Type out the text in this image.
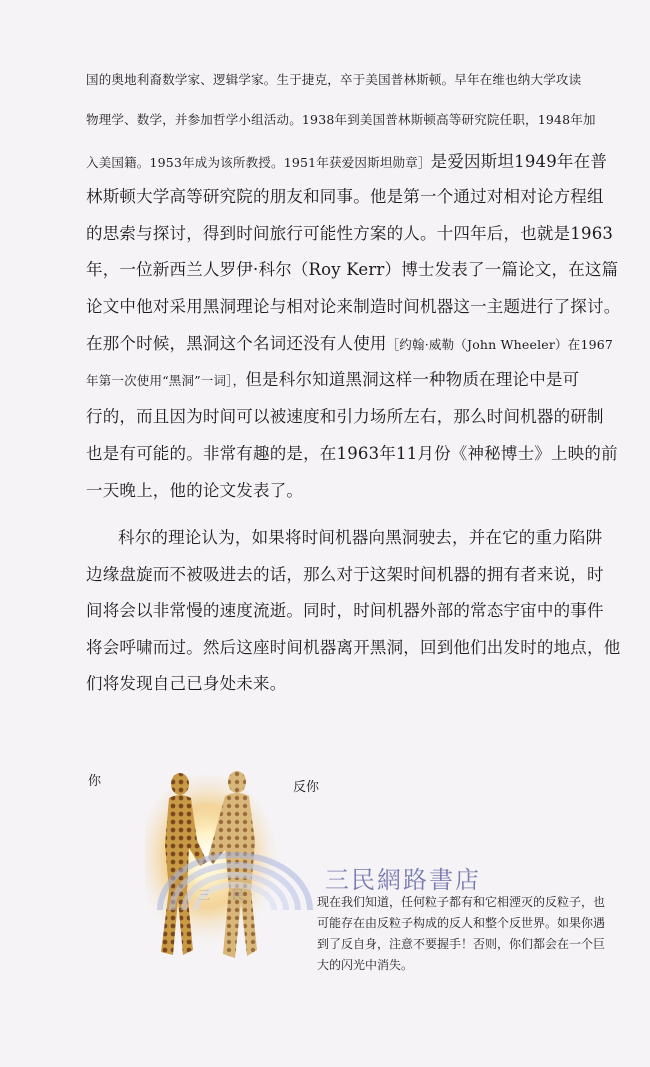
国的奥地利裔数学家、逻辑学家。生于捷克，卒于美国普林斯顿。早年在维也纳大学攻读
物理学、数学，并参加哲学小组活动。1938年到美国普林斯顿高等研究院任职，1948年加
入美国籍。1953年成为该所教授。1951年获爱因斯坦勋章］是爱因斯坦1949年在普
林斯顿大学高等研究院的朋友和同事。他是第一个通过对相对论方程组
的思索与探讨，得到时间旅行可能性方案的人。十四年后，也就是1963
年，一位新西兰人罗伊·科尔（Roy Kerr）博士发表了一篇论文，在这篇
论文中他对采用黑洞理论与相对论来制造时间机器这一主题进行了探讨。
在那个时候，黑洞这个名词还没有人使用［约翰·威勒（John Wheeler）在1967
年第一次使用“黑洞”一词］，但是科尔知道黑洞这样一种物质在理论中是可
行的，而且因为时间可以被速度和引力场所左右，那么时间机器的研制
也是有可能的。非常有趣的是，在1963年11月份《神秘博士》上映的前
一天晚上，他的论文发表了。
科尔的理论认为，如果将时间机器向黑洞驶去，并在它的重力陷阱
边缘盘旋而不被吸进去的话，那么对于这架时间机器的拥有者来说，时
间将会以非常慢的速度流逝。同时，时间机器外部的常态宇宙中的事件
将会呼啸而过。然后这座时间机器离开黑洞，回到他们出发时的地点，他
们将发现自己已身处未来。
你	反你
三 民
三民網路書店
现在我们知道，任何粒子都有和它相湮灭的反粒子，也
可能存在由反粒子构成的反人和整个反世界。如果你遇
到了反自身，注意不要握手！否则，你们都会在一个巨
大的闪光中消失。
